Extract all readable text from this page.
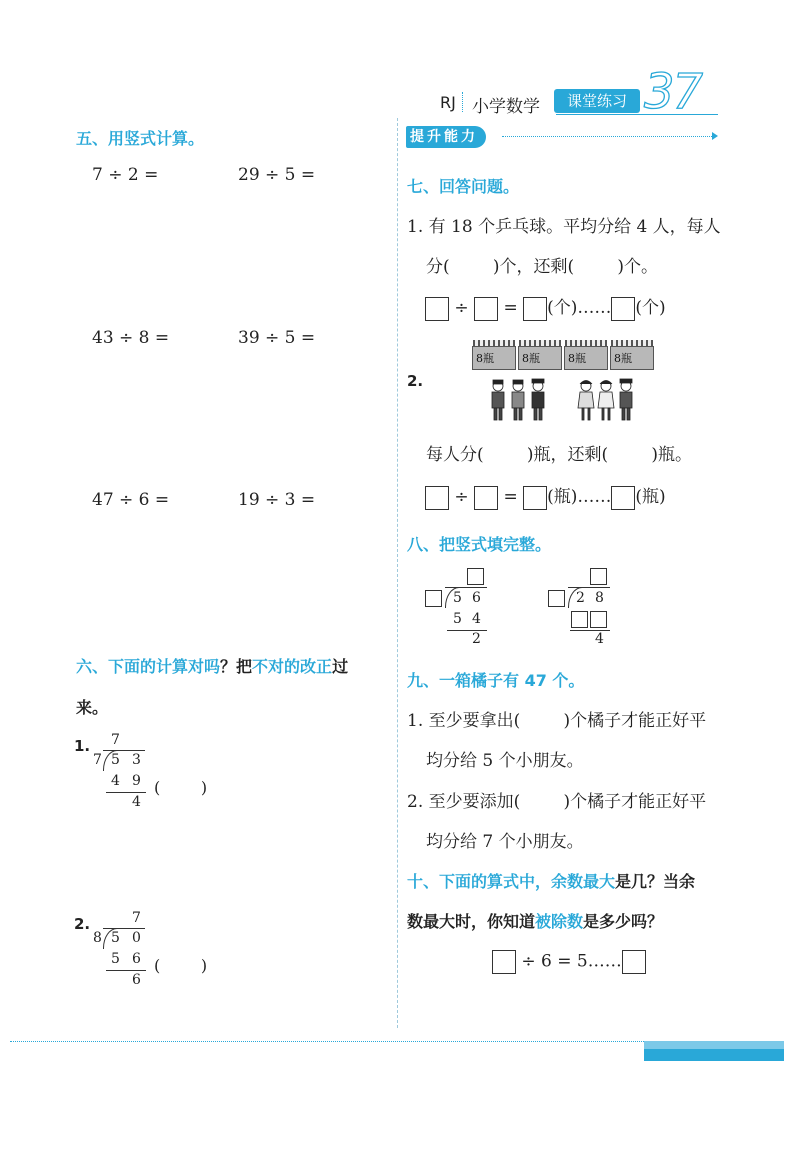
RJ 小学数学	课堂练习 37
五、用竖式计算。
7 ÷ 2 =	29 ÷ 5 =
43 ÷ 8 =	39 ÷ 5 =
47 ÷ 6 =	19 ÷ 3 =
六、下面的计算对吗？把不对的改正过
来。
1. 7
7 5 3
4 9
4
(        )
2.	7
8 5 0
5 6
6
(        )
提升能力
七、回答问题。
1. 有 18 个乒乓球。平均分给 4 人，每人
分(        )个，还剩(        )个。
÷ = (个)…… (个)
2.
8瓶	8瓶	8瓶	8瓶
每人分(        )瓶，还剩(        )瓶。
÷ = (瓶)…… (瓶)
八、把竖式填完整。
5 6
5 4
2
2 8
4
九、一箱橘子有 47 个。
1. 至少要拿出(        )个橘子才能正好平
均分给 5 个小朋友。
2. 至少要添加(        )个橘子才能正好平
均分给 7 个小朋友。
十、下面的算式中，余数最大是几？当余
数最大时，你知道被除数是多少吗？
÷ 6 = 5……
